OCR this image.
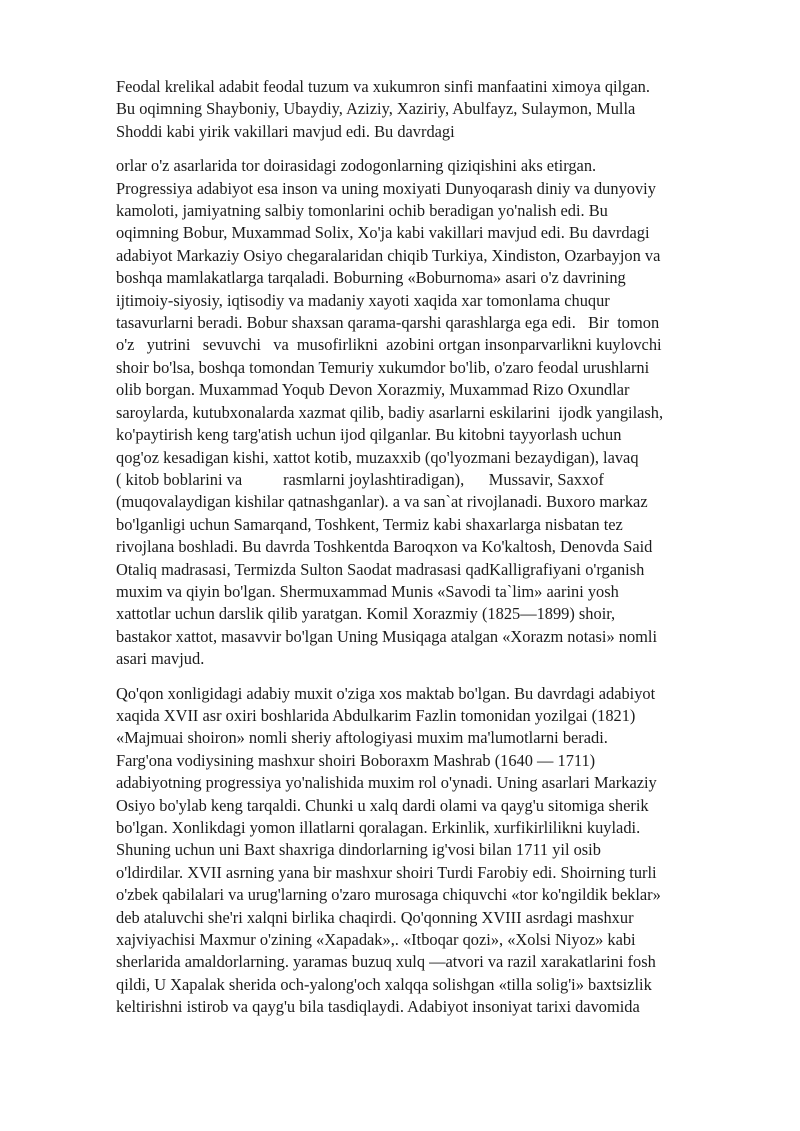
Feodal krelikal adabit feodal tuzum va xukumron sinfi manfaatini ximoya qilgan.
Bu oqimning Shayboniy, Ubaydiy, Aziziy, Xaziriy, Abulfayz, Sulaymon, Mulla
Shoddi kabi yirik vakillari mavjud edi. Bu davrdagi
orlar o'z asarlarida tor doirasidagi zodogonlarning qiziqishini aks etirgan.
Progressiya adabiyot esa inson va uning moxiyati Dunyoqarash diniy va dunyoviy
kamoloti, jamiyatning salbiy tomonlarini ochib beradigan yo'nalish edi. Bu
oqimning Bobur, Muxammad Solix, Xo'ja kabi vakillari mavjud edi. Bu davrdagi
adabiyot Markaziy Osiyo chegaralaridan chiqib Turkiya, Xindiston, Ozarbayjon va
boshqa mamlakatlarga tarqaladi. Boburning «Boburnoma» asari o'z davrining
ijtimoiy-siyosiy, iqtisodiy va madaniy xayoti xaqida xar tomonlama chuqur
tasavurlarni beradi. Bobur shaxsan qarama-qarshi qarashlarga ega edi.   Bir  tomon
o'z   yutrini   sevuvchi   va  musofirlikni  azobini ortgan insonparvarlikni kuylovchi
shoir bo'lsa, boshqa tomondan Temuriy xukumdor bo'lib, o'zaro feodal urushlarni
olib borgan. Muxammad Yoqub Devon Xorazmiy, Muxammad Rizo Oxundlar
saroylarda, kutubxonalarda xazmat qilib, badiy asarlarni eskilarini  ijodk yangilash,
ko'paytirish keng targ'atish uchun ijod qilganlar. Bu kitobni tayyorlash uchun
qog'oz kesadigan kishi, xattot kotib, muzaxxib (qo'lyozmani bezaydigan), lavaq
( kitob boblarini va          rasmlarni joylashtiradigan),      Mussavir, Saxxof
(muqovalaydigan kishilar qatnashganlar). a va san`at rivojlanadi. Buxoro markaz
bo'lganligi uchun Samarqand, Toshkent, Termiz kabi shaxarlarga nisbatan tez
rivojlana boshladi. Bu davrda Toshkentda Baroqxon va Ko'kaltosh, Denovda Said
Otaliq madrasasi, Termizda Sulton Saodat madrasasi qadKalligrafiyani o'rganish
muxim va qiyin bo'lgan. Shermuxammad Munis «Savodi ta`lim» aarini yosh
xattotlar uchun darslik qilib yaratgan. Komil Xorazmiy (1825—1899) shoir,
bastakor xattot, masavvir bo'lgan Uning Musiqaga atalgan «Xorazm notasi» nomli
asari mavjud.
Qo'qon xonligidagi adabiy muxit o'ziga xos maktab bo'lgan. Bu davrdagi adabiyot
xaqida XVII asr oxiri boshlarida Abdulkarim Fazlin tomonidan yozilgai (1821)
«Majmuai shoiron» nomli sheriy aftologiyasi muxim ma'lumotlarni beradi.
Farg'ona vodiysining mashxur shoiri Boboraxm Mashrab (1640 — 1711)
adabiyotning progressiya yo'nalishida muxim rol o'ynadi. Uning asarlari Markaziy
Osiyo bo'ylab keng tarqaldi. Chunki u xalq dardi olami va qayg'u sitomiga sherik
bo'lgan. Xonlikdagi yomon illatlarni qoralagan. Erkinlik, xurfikirlilikni kuyladi.
Shuning uchun uni Baxt shaxriga dindorlarning ig'vosi bilan 1711 yil osib
o'ldirdilar. XVII asrning yana bir mashxur shoiri Turdi Farobiy edi. Shoirning turli
o'zbek qabilalari va urug'larning o'zaro murosaga chiquvchi «tor ko'ngildik beklar»
deb ataluvchi she'ri xalqni birlika chaqirdi. Qo'qonning XVIII asrdagi mashxur
xajviyachisi Maxmur o'zining «Xapadak»,. «Itboqar qozi», «Xolsi Niyoz» kabi
sherlarida amaldorlarning. yaramas buzuq xulq —atvori va razil xarakatlarini fosh
qildi, U Xapalak sherida och-yalong'och xalqqa solishgan «tilla solig'i» baxtsizlik
keltirishni istirob va qayg'u bila tasdiqlaydi. Adabiyot insoniyat tarixi davomida
